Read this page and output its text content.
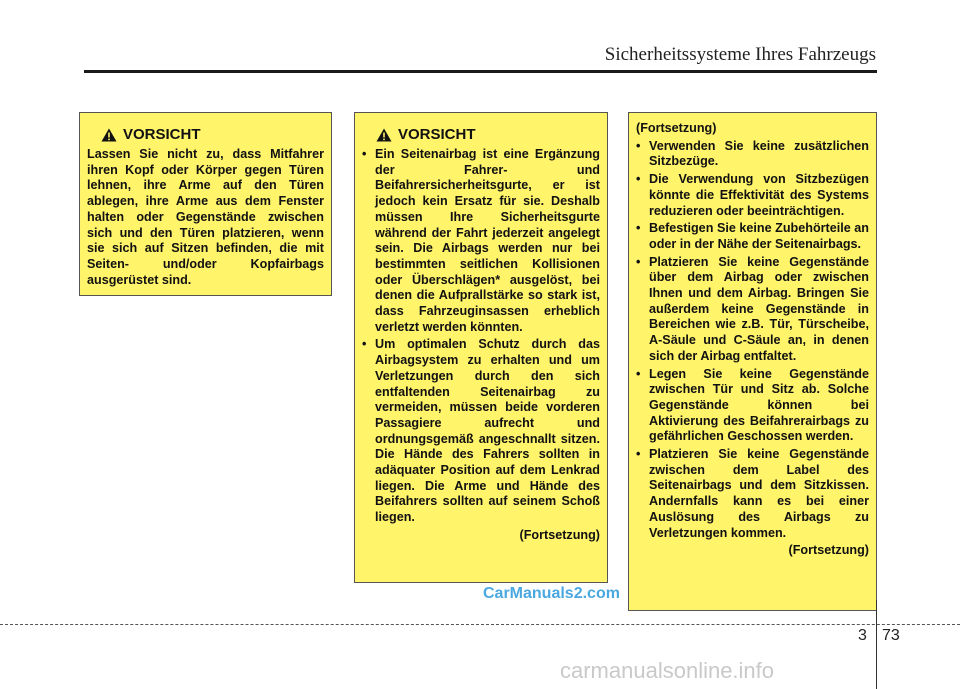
Sicherheitssysteme Ihres Fahrzeugs
VORSICHT
Lassen Sie nicht zu, dass Mitfahrer ihren Kopf oder Körper gegen Türen lehnen, ihre Arme auf den Türen ablegen, ihre Arme aus dem Fenster halten oder Gegenstände zwischen sich und den Türen platzieren, wenn sie sich auf Sitzen befinden, die mit Seiten- und/oder Kopfairbags ausgerüstet sind.
VORSICHT
• Ein Seitenairbag ist eine Ergänzung der Fahrer- und Beifahrersicherheitsgurte, er ist jedoch kein Ersatz für sie. Deshalb müssen Ihre Sicherheitsgurte während der Fahrt jederzeit angelegt sein. Die Airbags werden nur bei bestimmten seitlichen Kollisionen oder Überschlägen* ausgelöst, bei denen die Aufprallstärke so stark ist, dass Fahrzeuginsassen erheblich verletzt werden könnten.
• Um optimalen Schutz durch das Airbagsystem zu erhalten und um Verletzungen durch den sich entfaltenden Seitenairbag zu vermeiden, müssen beide vorderen Passagiere aufrecht und ordnungsgemäß angeschnallt sitzen. Die Hände des Fahrers sollten in adäquater Position auf dem Lenkrad liegen. Die Arme und Hände des Beifahrers sollten auf seinem Schoß liegen.
(Fortsetzung)
(Fortsetzung)
• Verwenden Sie keine zusätzlichen Sitzbezüge.
• Die Verwendung von Sitzbezügen könnte die Effektivität des Systems reduzieren oder beeinträchtigen.
• Befestigen Sie keine Zubehörteile an oder in der Nähe der Seitenairbags.
• Platzieren Sie keine Gegenstände über dem Airbag oder zwischen Ihnen und dem Airbag. Bringen Sie außerdem keine Gegenstände in Bereichen wie z.B. Tür, Türscheibe, A-Säule und C-Säule an, in denen sich der Airbag entfaltet.
• Legen Sie keine Gegenstände zwischen Tür und Sitz ab. Solche Gegenstände können bei Aktivierung des Beifahrerairbags zu gefährlichen Geschossen werden.
• Platzieren Sie keine Gegenstände zwischen dem Label des Seitenairbags und dem Sitzkissen. Andernfalls kann es bei einer Auslösung des Airbags zu Verletzungen kommen.
(Fortsetzung)
CarManuals2.com
3 73
carmanualsonline.info
